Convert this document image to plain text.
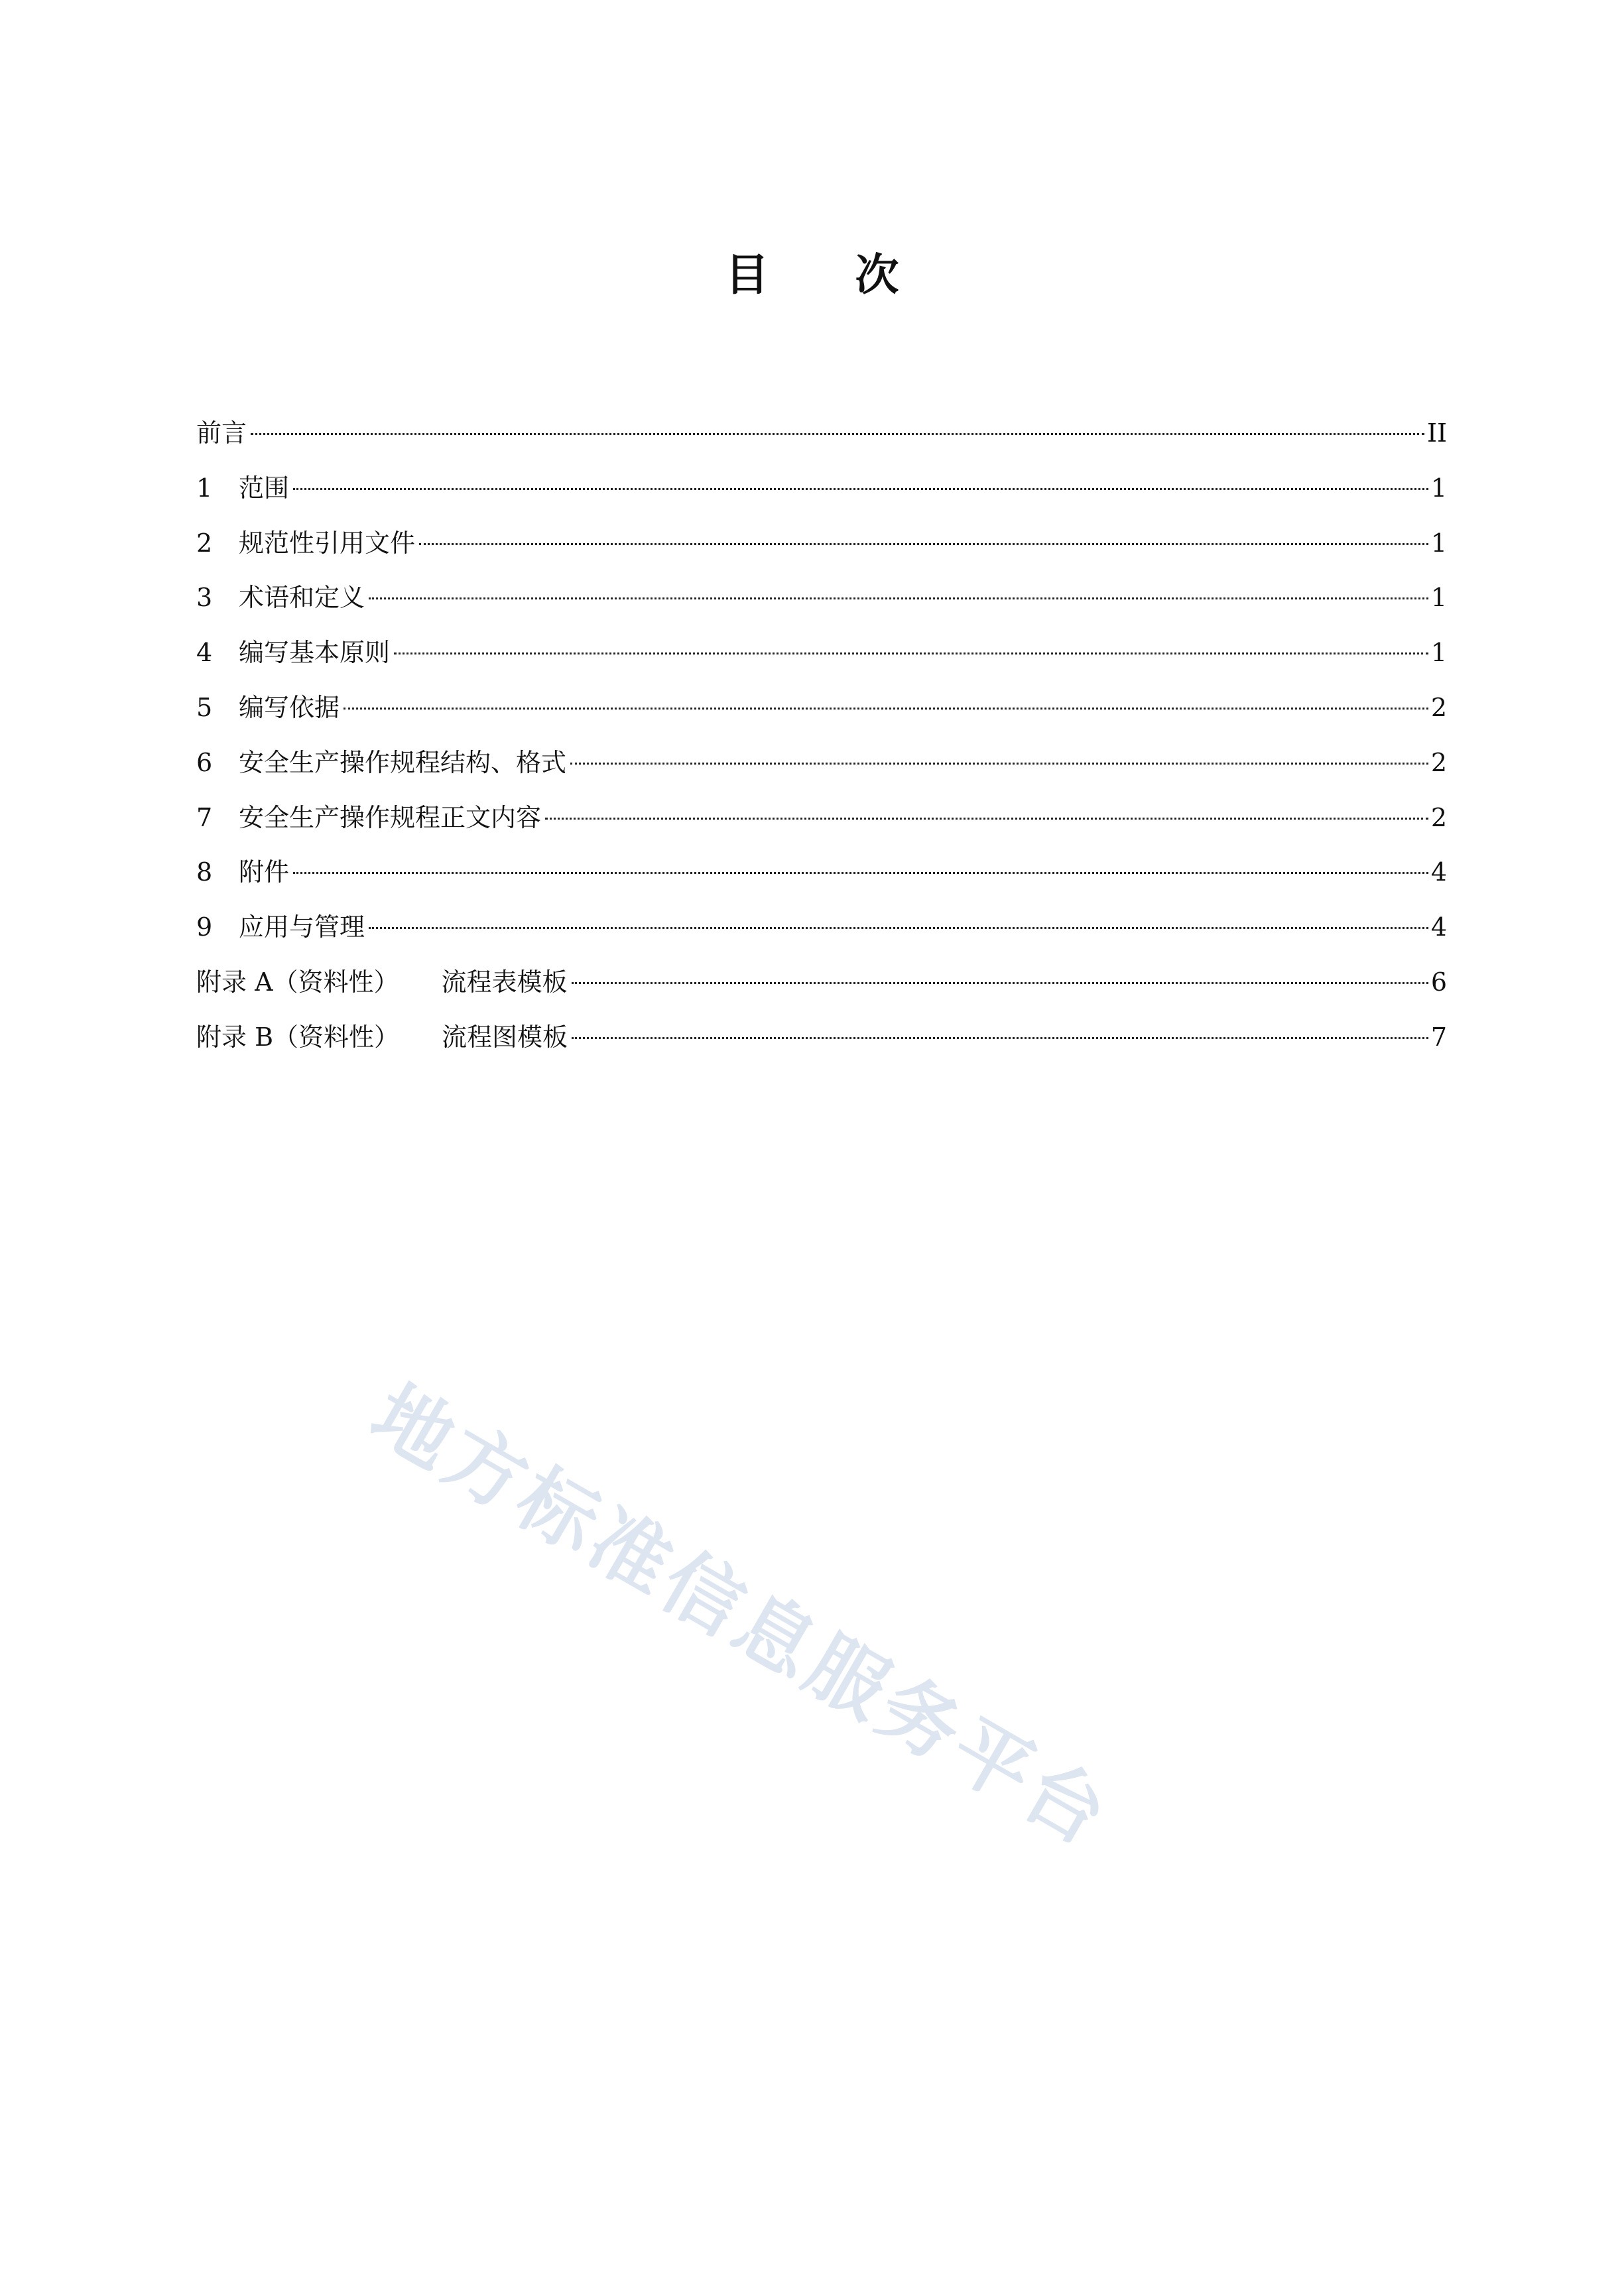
目 次
前言	II
1	范围	1
2	规范性引用文件	1
3	术语和定义	1
4	编写基本原则	1
5	编写依据	2
6	安全生产操作规程结构、格式	2
7	安全生产操作规程正文内容	2
8	附件	4
9	应用与管理	4
附录 A（资料性） 流程表模板	6
附录 B（资料性） 流程图模板	7
地方标准信息服务平台
